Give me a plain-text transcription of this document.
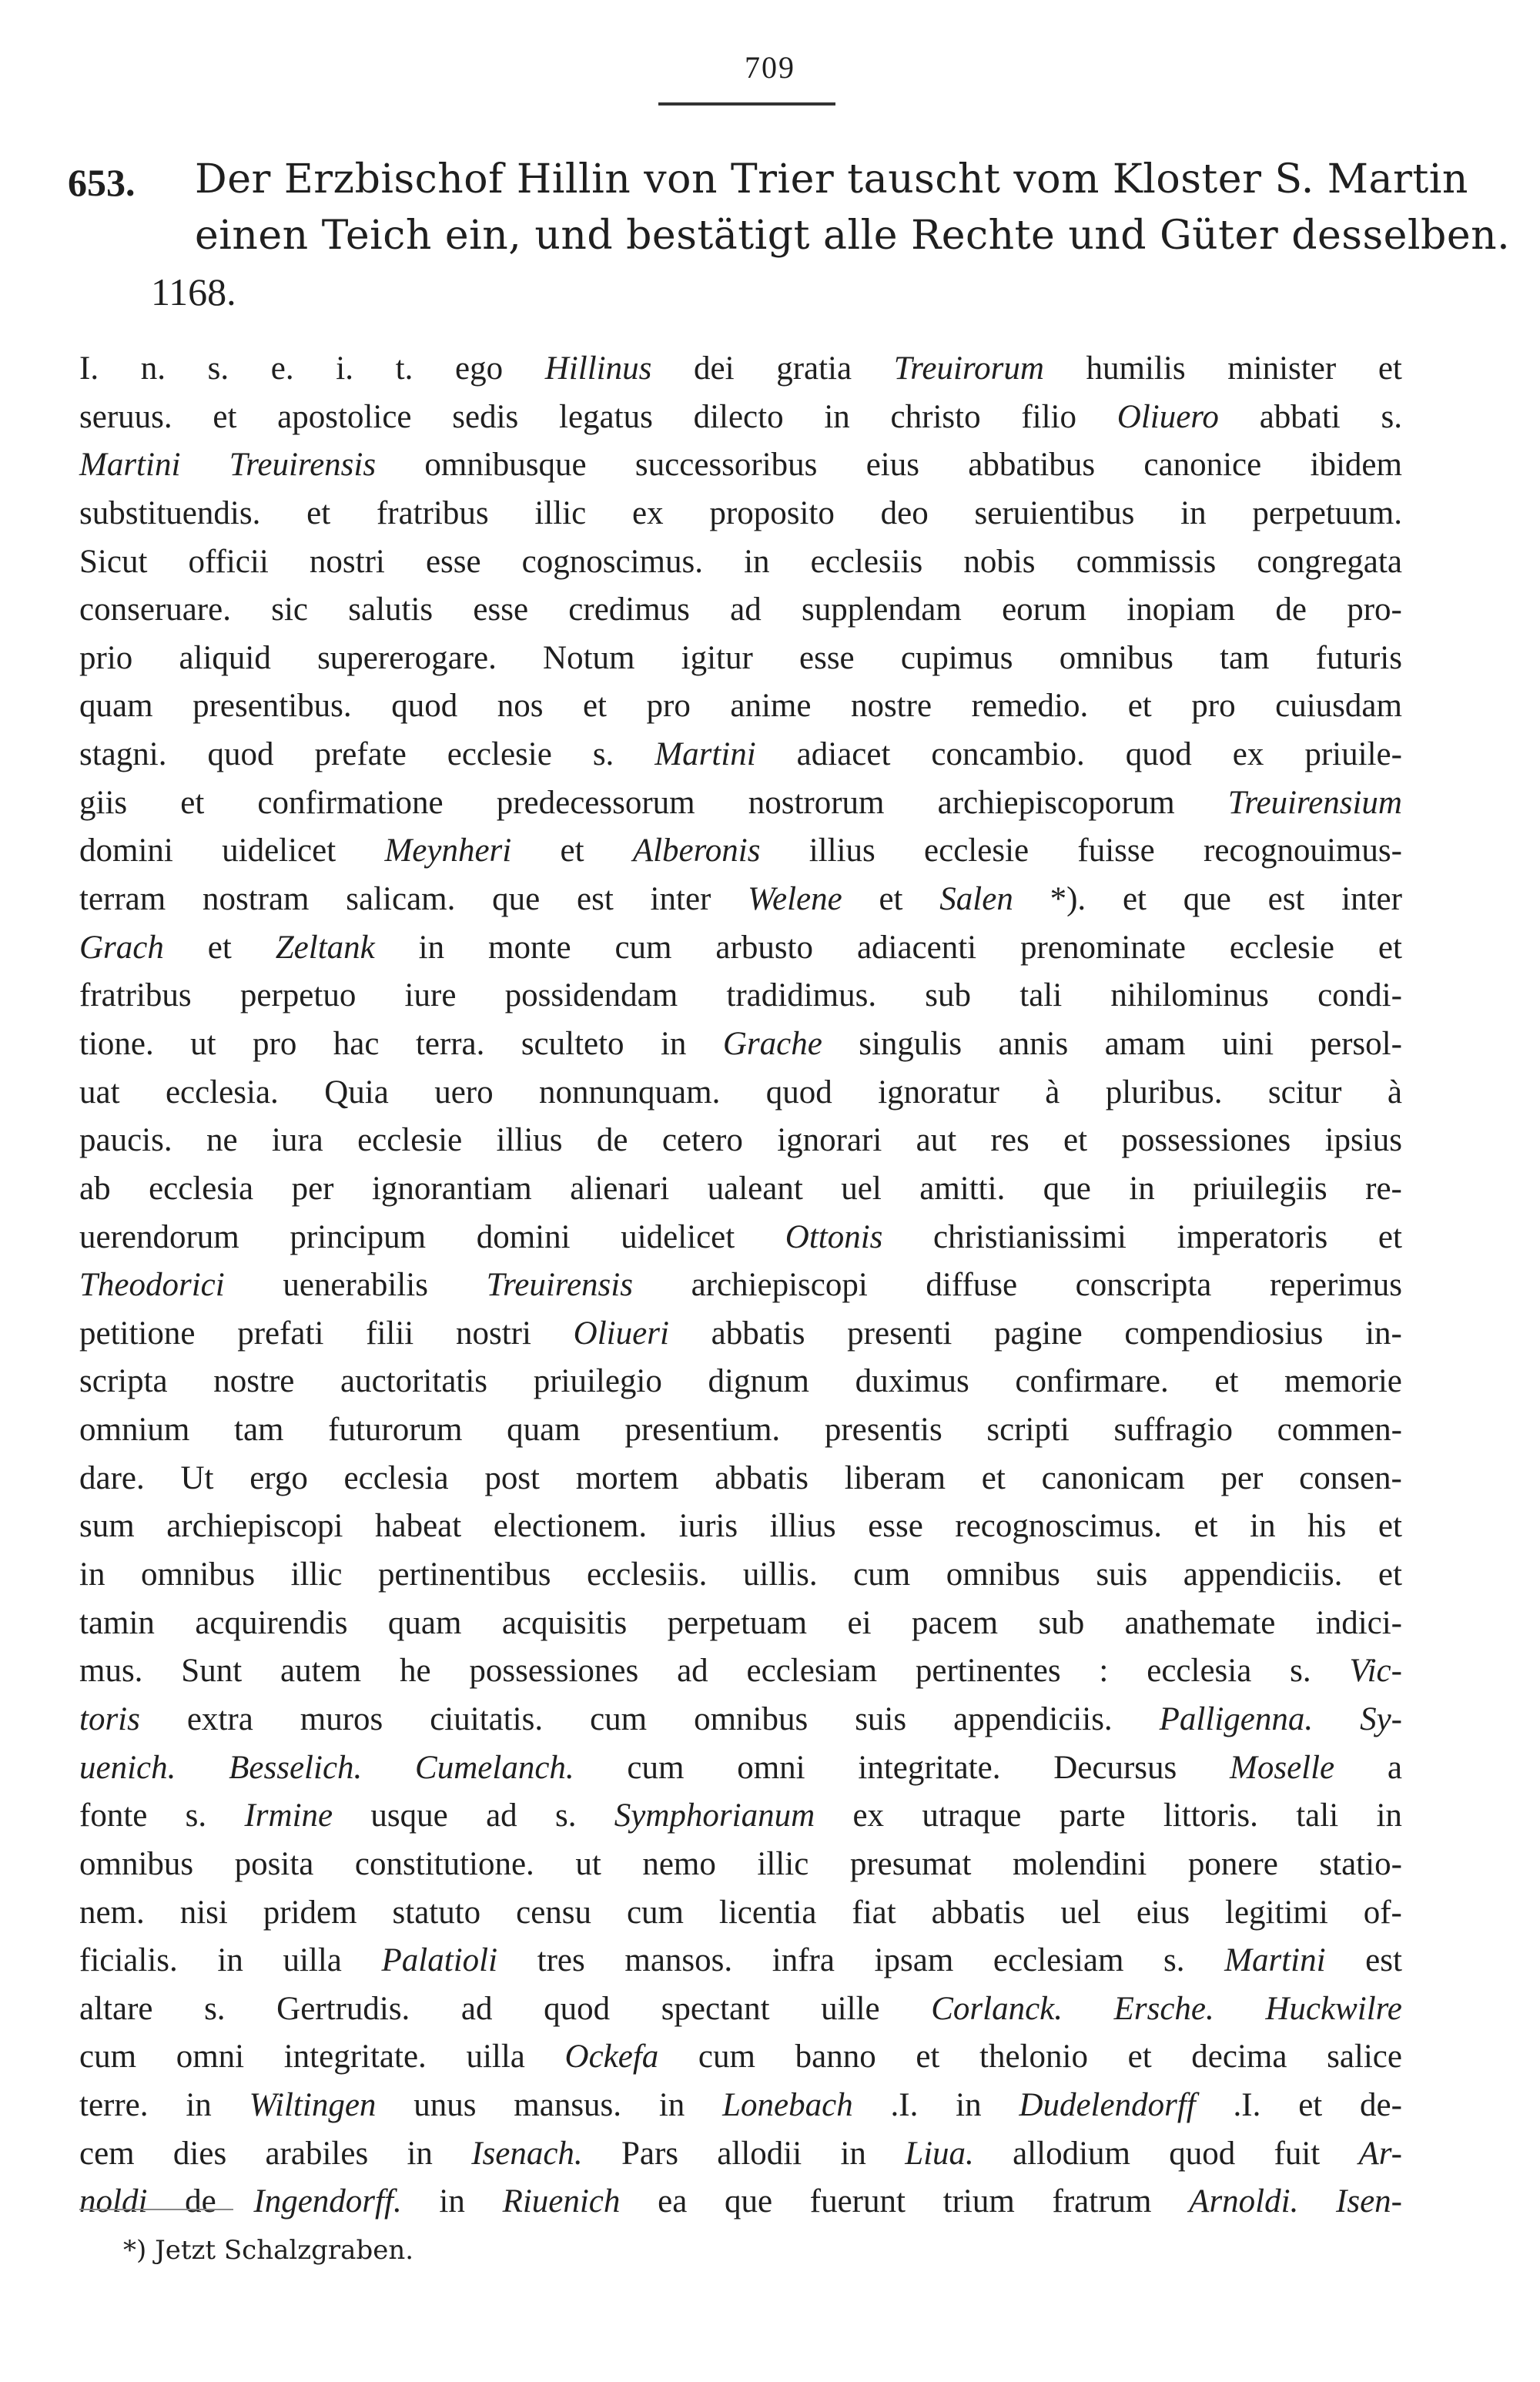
709
653. Der Erzbischof Hillin von Trier tauscht vom Kloster S. Martin
einen Teich ein, und bestätigt alle Rechte und Güter desselben.
1168.
I. n. s. e. i. t. ego Hillinus dei gratia Treuirorum humilis minister et
seruus. et apostolice sedis legatus dilecto in christo filio Oliuero abbati s.
Martini Treuirensis omnibusque successoribus eius abbatibus canonice ibidem
substituendis. et fratribus illic ex proposito deo seruientibus in perpetuum.
Sicut officii nostri esse cognoscimus. in ecclesiis nobis commissis congregata
conseruare. sic salutis esse credimus ad supplendam eorum inopiam de pro-
prio aliquid supererogare. Notum igitur esse cupimus omnibus tam futuris
quam presentibus. quod nos et pro anime nostre remedio. et pro cuiusdam
stagni. quod prefate ecclesie s. Martini adiacet concambio. quod ex priuile-
giis et confirmatione predecessorum nostrorum archiepiscoporum Treuirensium
domini uidelicet Meynheri et Alberonis illius ecclesie fuisse recognouimus-
terram nostram salicam. que est inter Welene et Salen *). et que est inter
Grach et Zeltank in monte cum arbusto adiacenti prenominate ecclesie et
fratribus perpetuo iure possidendam tradidimus. sub tali nihilominus condi-
tione. ut pro hac terra. sculteto in Grache singulis annis amam uini persol-
uat ecclesia. Quia uero nonnunquam. quod ignoratur à pluribus. scitur à
paucis. ne iura ecclesie illius de cetero ignorari aut res et possessiones ipsius
ab ecclesia per ignorantiam alienari ualeant uel amitti. que in priuilegiis re-
uerendorum principum domini uidelicet Ottonis christianissimi imperatoris et
Theodorici uenerabilis Treuirensis archiepiscopi diffuse conscripta reperimus
petitione prefati filii nostri Oliueri abbatis presenti pagine compendiosius in-
scripta nostre auctoritatis priuilegio dignum duximus confirmare. et memorie
omnium tam futurorum quam presentium. presentis scripti suffragio commen-
dare. Ut ergo ecclesia post mortem abbatis liberam et canonicam per consen-
sum archiepiscopi habeat electionem. iuris illius esse recognoscimus. et in his et
in omnibus illic pertinentibus ecclesiis. uillis. cum omnibus suis appendiciis. et
tamin acquirendis quam acquisitis perpetuam ei pacem sub anathemate indici-
mus. Sunt autem he possessiones ad ecclesiam pertinentes : ecclesia s. Vic-
toris extra muros ciuitatis. cum omnibus suis appendiciis. Palligenna. Sy-
uenich. Besselich. Cumelanch. cum omni integritate. Decursus Moselle a
fonte s. Irmine usque ad s. Symphorianum ex utraque parte littoris. tali in
omnibus posita constitutione. ut nemo illic presumat molendini ponere statio-
nem. nisi pridem statuto censu cum licentia fiat abbatis uel eius legitimi of-
ficialis. in uilla Palatioli tres mansos. infra ipsam ecclesiam s. Martini est
altare s. Gertrudis. ad quod spectant uille Corlanck. Ersche. Huckwilre
cum omni integritate. uilla Ockefa cum banno et thelonio et decima salice
terre. in Wiltingen unus mansus. in Lonebach .I. in Dudelendorff .I. et de-
cem dies arabiles in Isenach. Pars allodii in Liua. allodium quod fuit Ar-
noldi de Ingendorff. in Riuenich ea que fuerunt trium fratrum Arnoldi. Isen-
*) Jetzt Schalzgraben.
